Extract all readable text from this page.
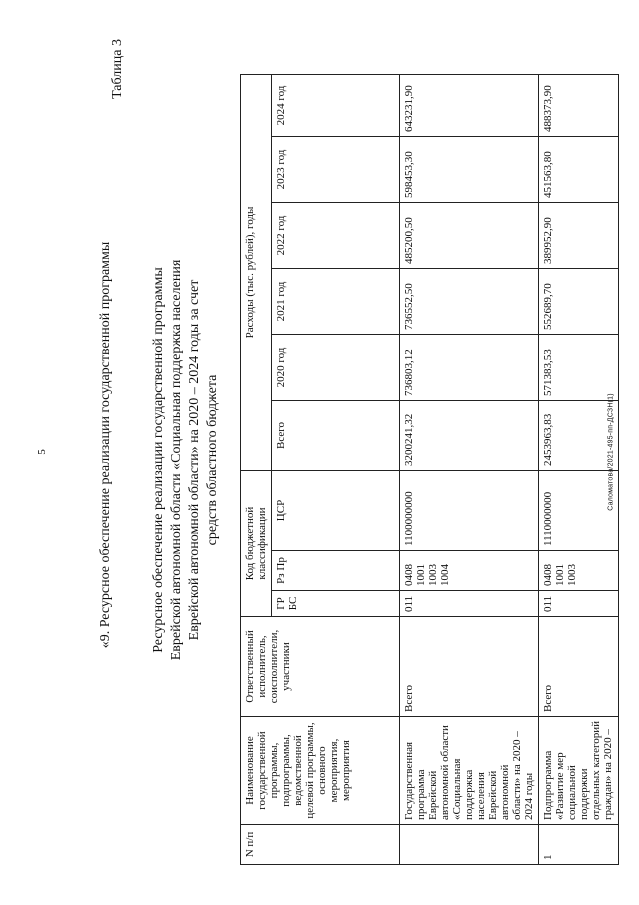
5	Саломатова/2021-495-пп-ДСЗН(1)
«9. Ресурсное обеспечение реализации государственной программы
Таблица 3
Ресурсное обеспечение реализации государственной программы Еврейской автономной области «Социальная поддержка населения Еврейской автономной области» на 2020 – 2024 годы за счет средств областного бюджета
N п/п	Наименование государственной программы, подпрограммы, ведомственной целевой программы, основного мероприятия, мероприятия	Ответственный исполнитель, соисполнители, участники	Код бюджетной классификации			Расходы (тыс. рублей), годы					
			ГР БС	Рз Пр	ЦСР	Всего	2020 год	2021 год	2022 год	2023 год	2024 год
	Государственная программа Еврейской автономной области «Социальная поддержка населения Еврейской автономной области» на 2020 – 2024 годы	Всего	011	0408 1001 1003 1004	1100000000	3200241,32	736803,12	736552,50	485200,50	598453,30	643231,90
1	Подпрограмма «Развитие мер социальной поддержки отдельных категорий граждан» на 2020 –	Всего	011	0408 1001 1003	1110000000	2453963,83	571383,53	552689,70	389952,90	451563,80	488373,90
